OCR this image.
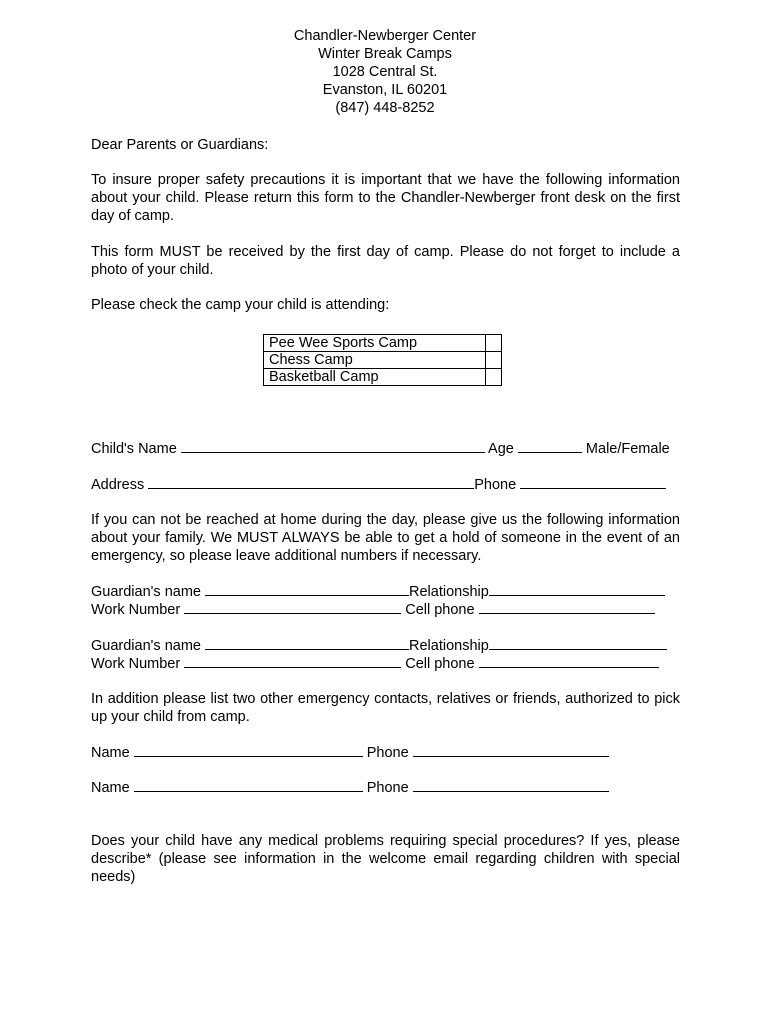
Chandler-Newberger Center
Winter Break Camps
1028 Central St.
Evanston, IL 60201
(847) 448-8252
Dear Parents or Guardians:
To insure proper safety precautions it is important that we have the following information about your child. Please return this form to the Chandler-Newberger front desk on the first day of camp.
This form MUST be received by the first day of camp. Please do not forget to include a photo of your child.
Please check the camp your child is attending:
Pee Wee Sports Camp	
Chess Camp	
Basketball Camp	
Child's Name	Age	Male/Female
Address	Phone
If you can not be reached at home during the day, please give us the following information about your family. We MUST ALWAYS be able to get a hold of someone in the event of an emergency, so please leave additional numbers if necessary.
Guardian's name	Relationship
Work Number	Cell phone
Guardian's name	Relationship
Work Number	Cell phone
In addition please list two other emergency contacts, relatives or friends, authorized to pick up your child from camp.
Name	Phone
Name	Phone
Does your child have any medical problems requiring special procedures? If yes, please describe* (please see information in the welcome email regarding children with special needs)
